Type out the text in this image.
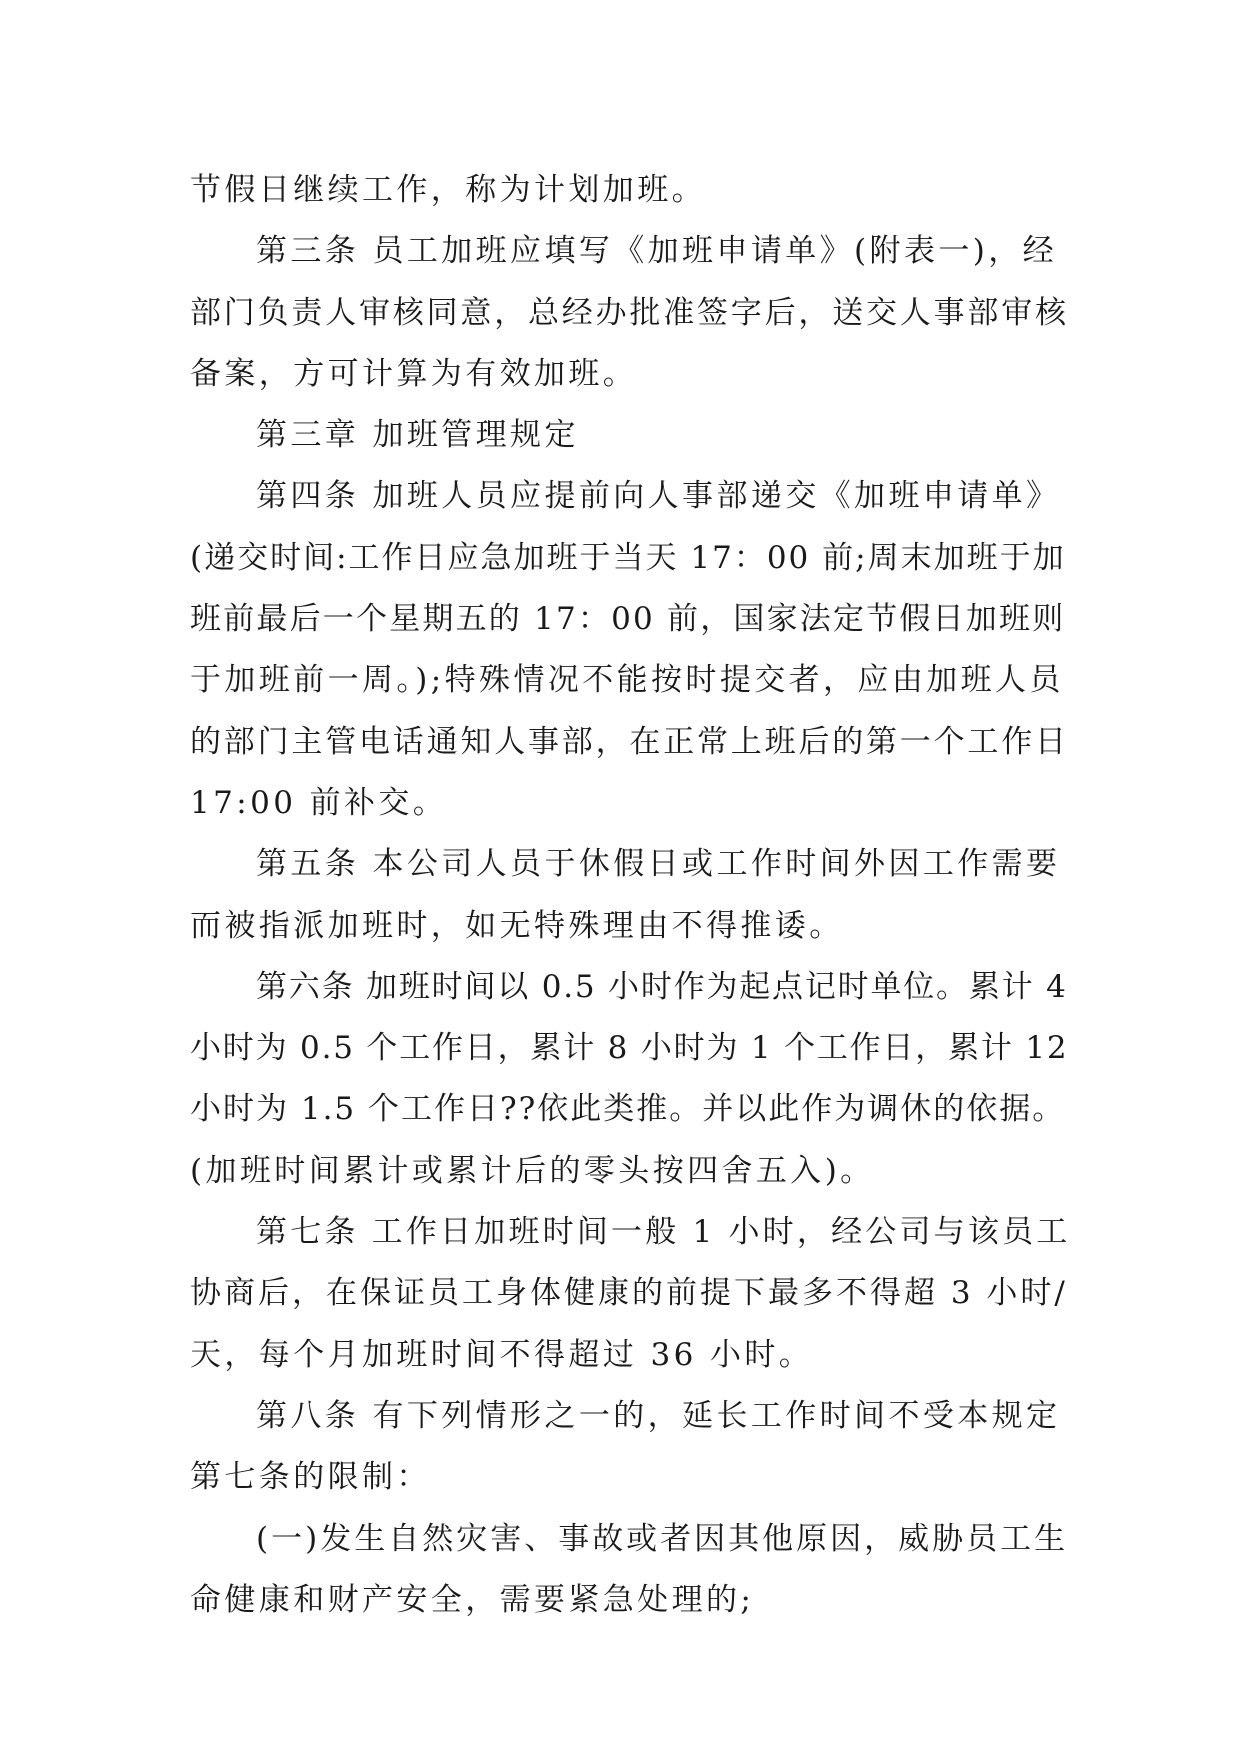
节假日继续工作，称为计划加班。
第三条 员工加班应填写《加班申请单》(附表一)，经
部门负责人审核同意，总经办批准签字后，送交人事部审核
备案，方可计算为有效加班。
第三章 加班管理规定
第四条 加班人员应提前向人事部递交《加班申请单》
(递交时间:工作日应急加班于当天 17：00 前;周末加班于加
班前最后一个星期五的 17：00 前，国家法定节假日加班则
于加班前一周。);特殊情况不能按时提交者，应由加班人员
的部门主管电话通知人事部，在正常上班后的第一个工作日
17:00 前补交。
第五条 本公司人员于休假日或工作时间外因工作需要
而被指派加班时，如无特殊理由不得推诿。
第六条 加班时间以 0.5 小时作为起点记时单位。累计 4
小时为 0.5 个工作日，累计 8 小时为 1 个工作日，累计 12
小时为 1.5 个工作日??依此类推。并以此作为调休的依据。
(加班时间累计或累计后的零头按四舍五入)。
第七条 工作日加班时间一般 1 小时，经公司与该员工
协商后，在保证员工身体健康的前提下最多不得超 3 小时/
天，每个月加班时间不得超过 36 小时。
第八条 有下列情形之一的，延长工作时间不受本规定
第七条的限制：
(一)发生自然灾害、事故或者因其他原因，威胁员工生
命健康和财产安全，需要紧急处理的;
